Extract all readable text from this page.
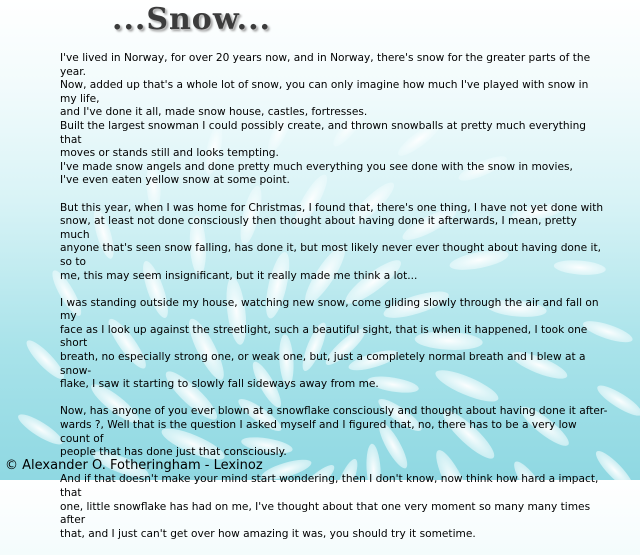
...Snow...

I've lived in Norway, for over 20 years now, and in Norway, there's snow for the greater parts of the year.
Now, added up that's a whole lot of snow, you can only imagine how much I've played with snow in my life,
and I've done it all, made snow house, castles, fortresses.
Built the largest snowman I could possibly create, and thrown snowballs at pretty much everything that
moves or stands still and looks tempting.
I've made snow angels and done pretty much everything you see done with the snow in movies,
I've even eaten yellow snow at some point.

But this year, when I was home for Christmas, I found that, there's one thing, I have not yet done with
snow, at least not done consciously then thought about having done it afterwards, I mean, pretty much
anyone that's seen snow falling, has done it, but most likely never ever thought about having done it, so to
me, this may seem insignificant, but it really made me think a lot...

I was standing outside my house, watching new snow, come gliding slowly through the air and fall on my
face as I look up against the streetlight, such a beautiful sight, that is when it happened, I took one short
breath, no especially strong one, or weak one, but, just a completely normal breath and I blew at a snow-
flake, I saw it starting to slowly fall sideways away from me.

Now, has anyone of you ever blown at a snowflake consciously and thought about having done it after-
wards ?, Well that is the question I asked myself and I figured that, no, there has to be a very low count of
people that has done just that consciously.

And if that doesn't make your mind start wondering, then I don't know, now think how hard a impact, that
one, little snowflake has had on me, I've thought about that one very moment so many many times after
that, and I just can't get over how amazing it was, you should try it sometime.

© Alexander O. Fotheringham - Lexinoz
